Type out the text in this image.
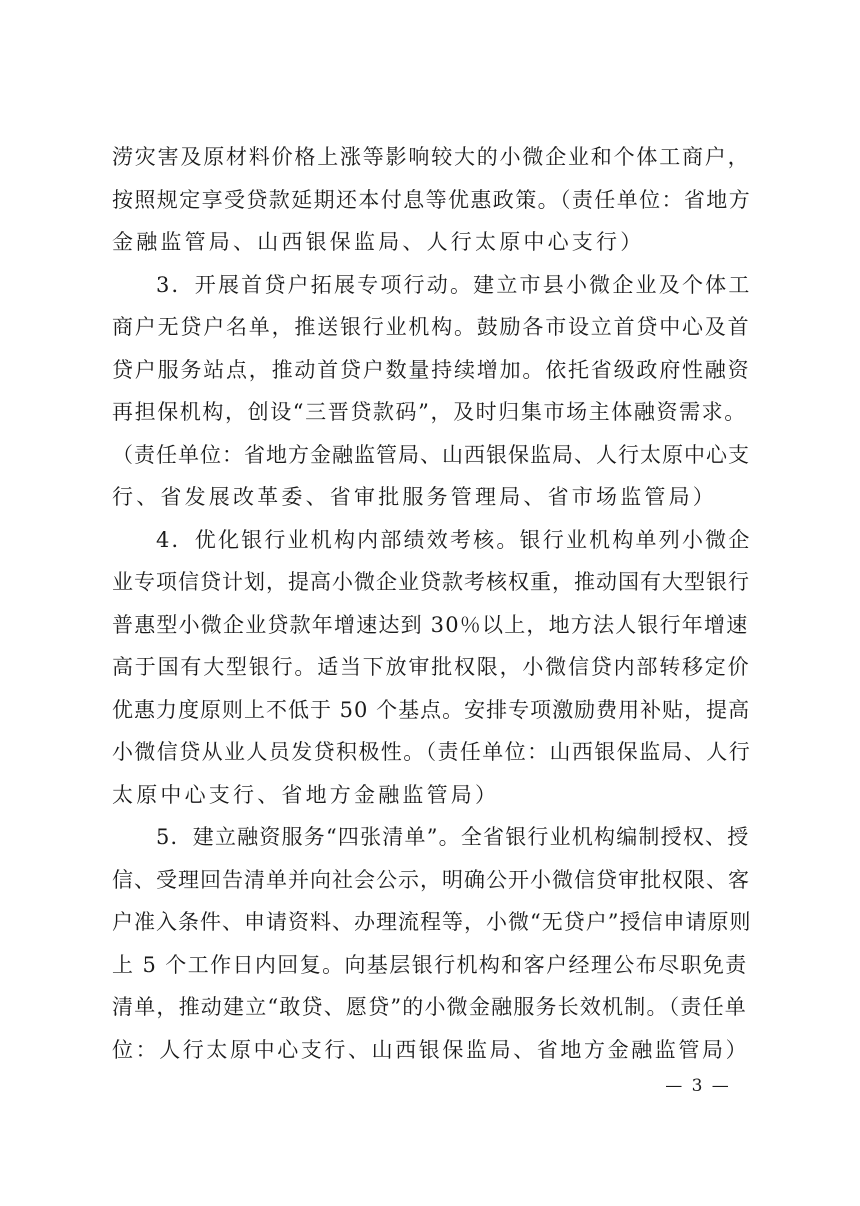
涝灾害及原材料价格上涨等影响较大的小微企业和个体工商户，
按照规定享受贷款延期还本付息等优惠政策。（责任单位：省地方
金融监管局、山西银保监局、人行太原中心支行）
3．开展首贷户拓展专项行动。建立市县小微企业及个体工
商户无贷户名单，推送银行业机构。鼓励各市设立首贷中心及首
贷户服务站点，推动首贷户数量持续增加。依托省级政府性融资
再担保机构，创设“三晋贷款码”，及时归集市场主体融资需求。
（责任单位：省地方金融监管局、山西银保监局、人行太原中心支
行、省发展改革委、省审批服务管理局、省市场监管局）
4．优化银行业机构内部绩效考核。银行业机构单列小微企
业专项信贷计划，提高小微企业贷款考核权重，推动国有大型银行
普惠型小微企业贷款年增速达到 30％以上，地方法人银行年增速
高于国有大型银行。适当下放审批权限，小微信贷内部转移定价
优惠力度原则上不低于 50 个基点。安排专项激励费用补贴，提高
小微信贷从业人员发贷积极性。（责任单位：山西银保监局、人行
太原中心支行、省地方金融监管局）
5．建立融资服务“四张清单”。全省银行业机构编制授权、授
信、受理回告清单并向社会公示，明确公开小微信贷审批权限、客
户准入条件、申请资料、办理流程等，小微“无贷户”授信申请原则
上 5 个工作日内回复。向基层银行机构和客户经理公布尽职免责
清单，推动建立“敢贷、愿贷”的小微金融服务长效机制。（责任单
位：人行太原中心支行、山西银保监局、省地方金融监管局）
— 3 —
